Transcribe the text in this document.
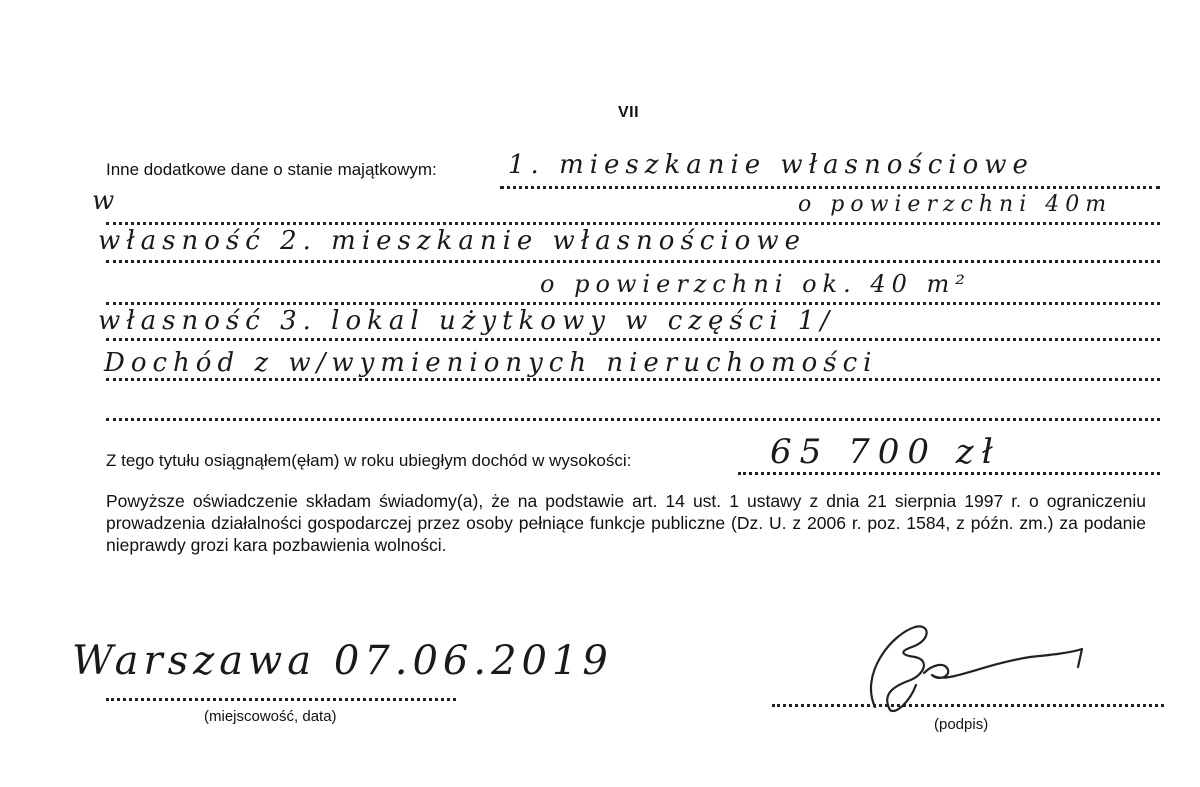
VII
Inne dodatkowe dane o stanie majątkowym:	1. mieszkanie własnościowe
w	o powierzchni 40m
własność 2. mieszkanie własnościowe
o powierzchni ok. 40 m²
własność 3. lokal użytkowy w części 1/
Dochód z w/wymienionych nieruchomości
Z tego tytułu osiągnąłem(ęłam) w roku ubiegłym dochód w wysokości:	65 700 zł
Powyższe oświadczenie składam świadomy(a), że na podstawie art. 14 ust. 1 ustawy z dnia 21 sierpnia 1997 r. o ograniczeniu prowadzenia działalności gospodarczej przez osoby pełniące funkcje publiczne (Dz. U. z 2006 r. poz. 1584, z późn. zm.) za podanie nieprawdy grozi kara pozbawienia wolności.
Warszawa 07.06.2019
(miejscowość, data)	(podpis)
